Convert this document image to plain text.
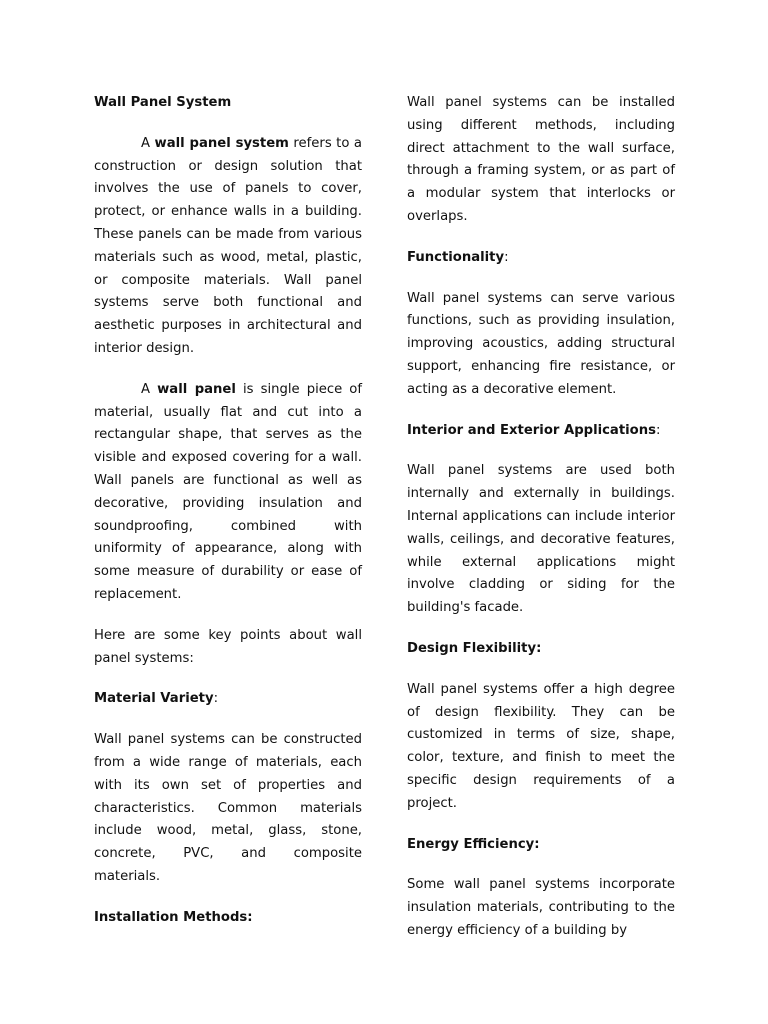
Wall Panel System

A wall panel system refers to a construction or design solution that involves the use of panels to cover, protect, or enhance walls in a building. These panels can be made from various materials such as wood, metal, plastic, or composite materials. Wall panel systems serve both functional and aesthetic purposes in architectural and interior design.

A wall panel is single piece of material, usually flat and cut into a rectangular shape, that serves as the visible and exposed covering for a wall. Wall panels are functional as well as decorative, providing insulation and soundproofing, combined with uniformity of appearance, along with some measure of durability or ease of replacement.

Here are some key points about wall panel systems:

Material Variety:

Wall panel systems can be constructed from a wide range of materials, each with its own set of properties and characteristics. Common materials include wood, metal, glass, stone, concrete, PVC, and composite materials.

Installation Methods:

Wall panel systems can be installed using different methods, including direct attachment to the wall surface, through a framing system, or as part of a modular system that interlocks or overlaps.

Functionality:

Wall panel systems can serve various functions, such as providing insulation, improving acoustics, adding structural support, enhancing fire resistance, or acting as a decorative element.

Interior and Exterior Applications:

Wall panel systems are used both internally and externally in buildings. Internal applications can include interior walls, ceilings, and decorative features, while external applications might involve cladding or siding for the building's facade.

Design Flexibility:

Wall panel systems offer a high degree of design flexibility. They can be customized in terms of size, shape, color, texture, and finish to meet the specific design requirements of a project.

Energy Efficiency:

Some wall panel systems incorporate insulation materials, contributing to the energy efficiency of a building by
